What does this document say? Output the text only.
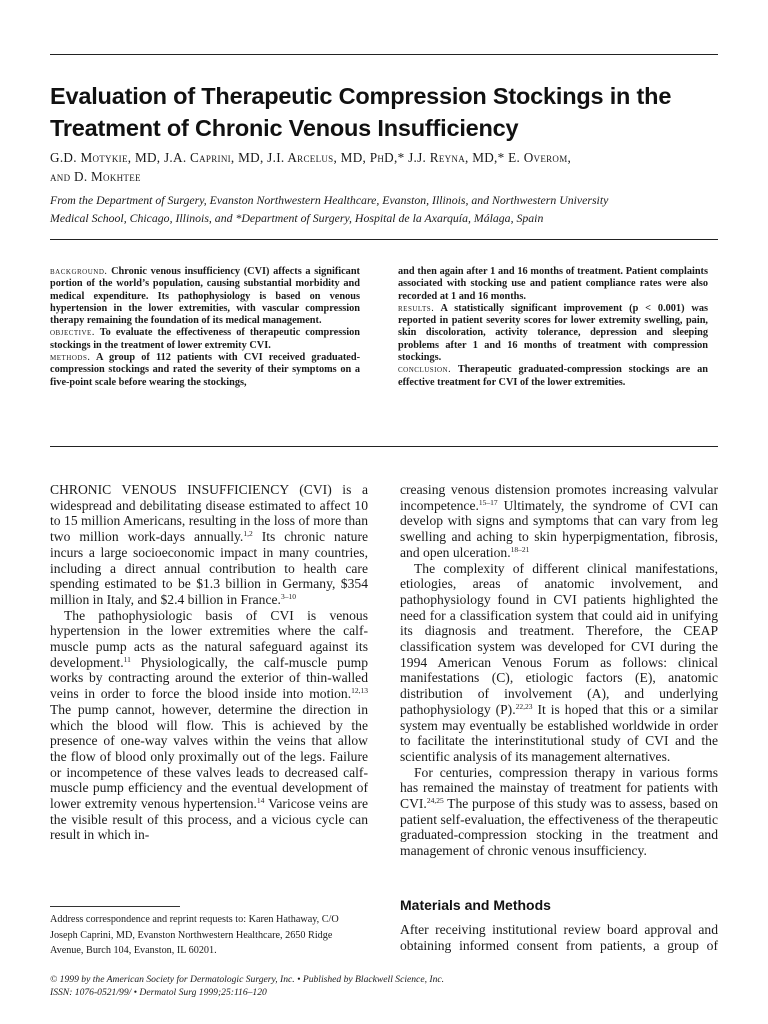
Evaluation of Therapeutic Compression Stockings in the
Treatment of Chronic Venous Insufficiency
G.D. Motykie, MD, J.A. Caprini, MD, J.I. Arcelus, MD, PhD,* J.J. Reyna, MD,* E. Overom,
and D. Mokhtee
From the Department of Surgery, Evanston Northwestern Healthcare, Evanston, Illinois, and Northwestern University
Medical School, Chicago, Illinois, and *Department of Surgery, Hospital de la Axarquía, Málaga, Spain

background. Chronic venous insufficiency (CVI) affects a significant portion of the world’s population, causing substantial morbidity and medical expenditure. Its pathophysiology is based on venous hypertension in the lower extremities, with vascular compression therapy remaining the foundation of its medical management.

objective. To evaluate the effectiveness of therapeutic compression stockings in the treatment of lower extremity CVI.

methods. A group of 112 patients with CVI received graduated-compression stockings and rated the severity of their symptoms on a five-point scale before wearing the stockings,

and then again after 1 and 16 months of treatment. Patient complaints associated with stocking use and patient compliance rates were also recorded at 1 and 16 months.

results. A statistically significant improvement (p < 0.001) was reported in patient severity scores for lower extremity swelling, pain, skin discoloration, activity tolerance, depression and sleeping problems after 1 and 16 months of treatment with compression stockings.

conclusion. Therapeutic graduated-compression stockings are an effective treatment for CVI of the lower extremities.

CHRONIC VENOUS INSUFFICIENCY (CVI) is a widespread and debilitating disease estimated to affect 10 to 15 million Americans, resulting in the loss of more than two million work-days annually.$^{1,2}$ Its chronic nature incurs a large socioeconomic impact in many countries, including a direct annual contribution to health care spending estimated to be $1.3 billion in Germany, $354 million in Italy, and $2.4 billion in France.$^{3-10}$

The pathophysiologic basis of CVI is venous hypertension in the lower extremities where the calf-muscle pump acts as the natural safeguard against its development.$^{11}$ Physiologically, the calf-muscle pump works by contracting around the exterior of thin-walled veins in order to force the blood inside into motion.$^{12,13}$ The pump cannot, however, determine the direction in which the blood will flow. This is achieved by the presence of one-way valves within the veins that allow the flow of blood only proximally out of the legs. Failure or incompetence of these valves leads to decreased calf-muscle pump efficiency and the eventual development of lower extremity venous hypertension.$^{14}$ Varicose veins are the visible result of this process, and a vicious cycle can result in which in-

creasing venous distension promotes increasing valvular incompetence.$^{15-17}$ Ultimately, the syndrome of CVI can develop with signs and symptoms that can vary from leg swelling and aching to skin hyperpigmentation, fibrosis, and open ulceration.$^{18-21}$

The complexity of different clinical manifestations, etiologies, areas of anatomic involvement, and pathophysiology found in CVI patients highlighted the need for a classification system that could aid in unifying its diagnosis and treatment. Therefore, the CEAP classification system was developed for CVI during the 1994 American Venous Forum as follows: clinical manifestations (C), etiologic factors (E), anatomic distribution of involvement (A), and underlying pathophysiology (P).$^{22,23}$ It is hoped that this or a similar system may eventually be established worldwide in order to facilitate the interinstitutional study of CVI and the scientific analysis of its management alternatives.

For centuries, compression therapy in various forms has remained the mainstay of treatment for patients with CVI.$^{24,25}$ The purpose of this study was to assess, based on patient self-evaluation, the effectiveness of the therapeutic graduated-compression stocking in the treatment and management of chronic venous insufficiency.

Materials and Methods
After receiving institutional review board approval and
obtaining informed consent from patients, a group of
Address correspondence and reprint requests to: Karen Hathaway, C/O
Joseph Caprini, MD, Evanston Northwestern Healthcare, 2650 Ridge
Avenue, Burch 104, Evanston, IL 60201.
© 1999 by the American Society for Dermatologic Surgery, Inc. • Published by Blackwell Science, Inc.
ISSN: 1076-0521/99/ • Dermatol Surg 1999;25:116–120
